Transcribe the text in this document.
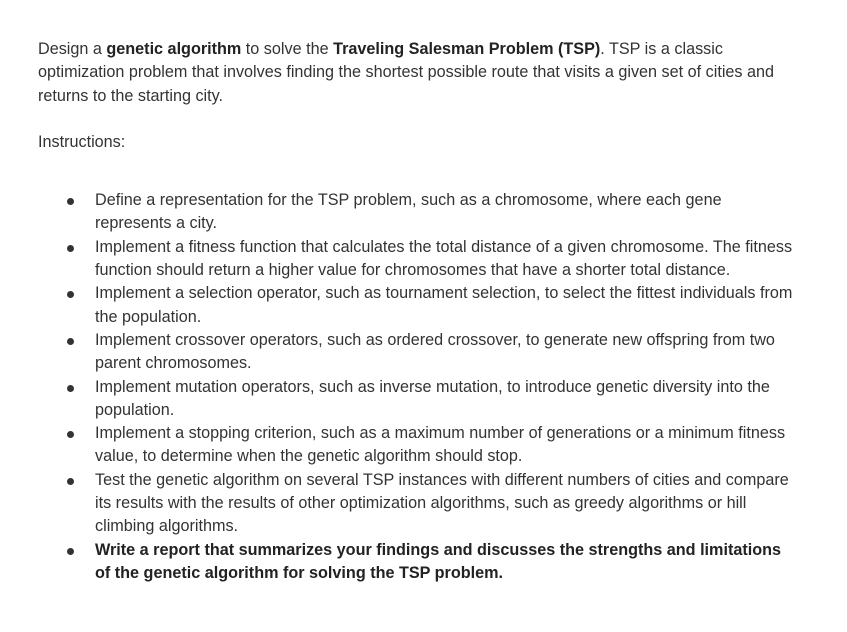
Design a genetic algorithm to solve the Traveling Salesman Problem (TSP). TSP is a classic optimization problem that involves finding the shortest possible route that visits a given set of cities and returns to the starting city.

Instructions:

Define a representation for the TSP problem, such as a chromosome, where each gene represents a city.
Implement a fitness function that calculates the total distance of a given chromosome. The fitness function should return a higher value for chromosomes that have a shorter total distance.
Implement a selection operator, such as tournament selection, to select the fittest individuals from the population.
Implement crossover operators, such as ordered crossover, to generate new offspring from two parent chromosomes.
Implement mutation operators, such as inverse mutation, to introduce genetic diversity into the population.
Implement a stopping criterion, such as a maximum number of generations or a minimum fitness value, to determine when the genetic algorithm should stop.
Test the genetic algorithm on several TSP instances with different numbers of cities and compare its results with the results of other optimization algorithms, such as greedy algorithms or hill climbing algorithms.
Write a report that summarizes your findings and discusses the strengths and limitations of the genetic algorithm for solving the TSP problem.
